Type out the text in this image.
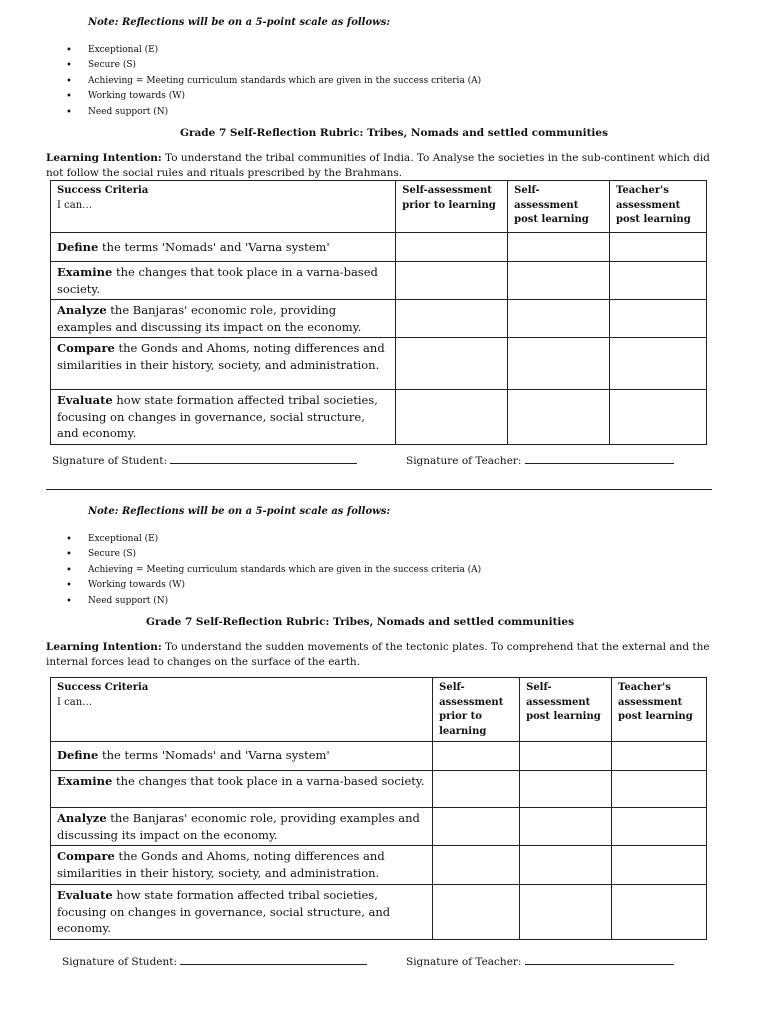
Note: Reflections will be on a 5-point scale as follows:
• Exceptional (E)
• Secure (S)
• Achieving = Meeting curriculum standards which are given in the success criteria (A)
• Working towards (W)
• Need support (N)
Grade 7 Self-Reflection Rubric: Tribes, Nomads and settled communities
Learning Intention: To understand the tribal communities of India. To Analyse the societies in the sub-continent which did not follow the social rules and rituals prescribed by the Brahmans.
Success Criteria
I can…	Self-assessment prior to learning	Self-assessment post learning	Teacher's assessment post learning
Define the terms 'Nomads' and 'Varna system'			
Examine the changes that took place in a varna-based society.			
Analyze the Banjaras' economic role, providing examples and discussing its impact on the economy.			
Compare the Gonds and Ahoms, noting differences and similarities in their history, society, and administration.			
Evaluate how state formation affected tribal societies, focusing on changes in governance, social structure, and economy.			
Signature of Student:	Signature of Teacher:
Note: Reflections will be on a 5-point scale as follows:
• Exceptional (E)
• Secure (S)
• Achieving = Meeting curriculum standards which are given in the success criteria (A)
• Working towards (W)
• Need support (N)
Grade 7 Self-Reflection Rubric: Tribes, Nomads and settled communities
Learning Intention: To understand the sudden movements of the tectonic plates. To comprehend that the external and the internal forces lead to changes on the surface of the earth.
Success Criteria
I can…	Self-assessment prior to learning	Self-assessment post learning	Teacher's assessment post learning
Define the terms 'Nomads' and 'Varna system'			
Examine the changes that took place in a varna-based society.			
Analyze the Banjaras' economic role, providing examples and discussing its impact on the economy.			
Compare the Gonds and Ahoms, noting differences and similarities in their history, society, and administration.			
Evaluate how state formation affected tribal societies, focusing on changes in governance, social structure, and economy.			
Signature of Student:	Signature of Teacher:
